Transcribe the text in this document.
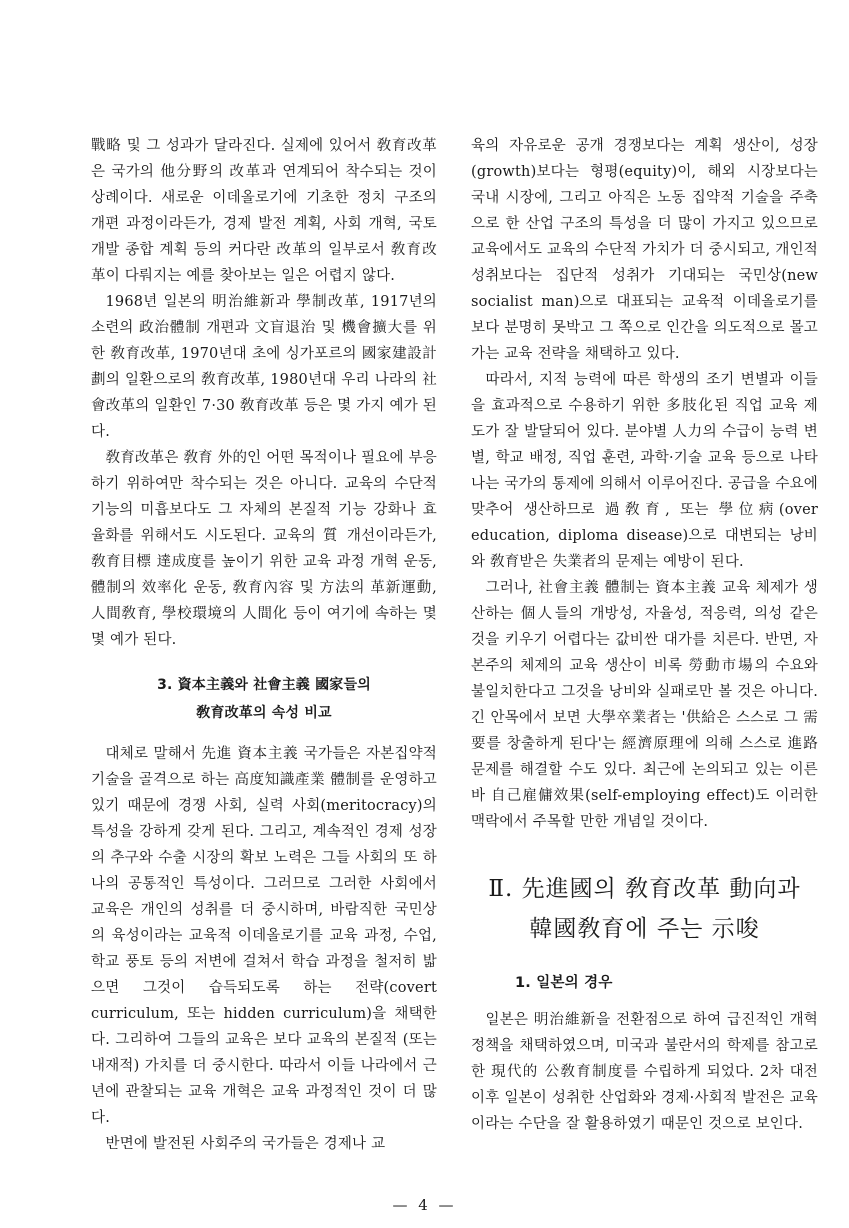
戰略 및 그 성과가 달라진다. 실제에 있어서 敎育改革은 국가의 他分野의 改革과 연계되어 착수되는 것이 상례이다. 새로운 이데올로기에 기초한 정치 구조의 개편 과정이라든가, 경제 발전 계획, 사회 개혁, 국토 개발 종합 계획 등의 커다란 改革의 일부로서 敎育改革이 다뤄지는 예를 찾아보는 일은 어렵지 않다.

1968년 일본의 明治維新과 學制改革, 1917년의 소련의 政治體制 개편과 文盲退治 및 機會擴大를 위한 敎育改革, 1970년대 초에 싱가포르의 國家建設計劃의 일환으로의 敎育改革, 1980년대 우리 나라의 社會改革의 일환인 7·30 敎育改革 등은 몇 가지 예가 된다.

敎育改革은 敎育 外的인 어떤 목적이나 필요에 부응하기 위하여만 착수되는 것은 아니다. 교육의 수단적 기능의 미흡보다도 그 자체의 본질적 기능 강화나 효율화를 위해서도 시도된다. 교육의 質 개선이라든가, 敎育目標 達成度를 높이기 위한 교육 과정 개혁 운동, 體制의 效率化 운동, 敎育內容 및 方法의 革新運動, 人間敎育, 學校環境의 人間化 등이 여기에 속하는 몇몇 예가 된다.

3. 資本主義와 社會主義 國家들의
敎育改革의 속성 비교

대체로 말해서 先進 資本主義 국가들은 자본집약적 기술을 골격으로 하는 高度知識產業 體制를 운영하고 있기 때문에 경쟁 사회, 실력 사회(meritocracy)의 특성을 강하게 갖게 된다. 그리고, 계속적인 경제 성장의 추구와 수출 시장의 확보 노력은 그들 사회의 또 하나의 공통적인 특성이다. 그러므로 그러한 사회에서 교육은 개인의 성취를 더 중시하며, 바람직한 국민상의 육성이라는 교육적 이데올로기를 교육 과정, 수업, 학교 풍토 등의 저변에 걸쳐서 학습 과정을 철저히 밟으면 그것이 습득되도록 하는 전략(covert curriculum, 또는 hidden curriculum)을 채택한다. 그리하여 그들의 교육은 보다 교육의 본질적 (또는 내재적) 가치를 더 중시한다. 따라서 이들 나라에서 근년에 관찰되는 교육 개혁은 교육 과정적인 것이 더 많다.

반면에 발전된 사회주의 국가들은 경제나 교

육의 자유로운 공개 경쟁보다는 계획 생산이, 성장(growth)보다는 형평(equity)이, 해외 시장보다는 국내 시장에, 그리고 아직은 노동 집약적 기술을 주축으로 한 산업 구조의 특성을 더 많이 가지고 있으므로 교육에서도 교육의 수단적 가치가 더 중시되고, 개인적 성취보다는 집단적 성취가 기대되는 국민상(new socialist man)으로 대표되는 교육적 이데올로기를 보다 분명히 못박고 그 쪽으로 인간을 의도적으로 몰고가는 교육 전략을 채택하고 있다.

따라서, 지적 능력에 따른 학생의 조기 변별과 이들을 효과적으로 수용하기 위한 多肢化된 직업 교육 제도가 잘 발달되어 있다. 분야별 人力의 수급이 능력 변별, 학교 배정, 직업 훈련, 과학·기술 교육 등으로 나타나는 국가의 통제에 의해서 이루어진다. 공급을 수요에 맞추어 생산하므로 過敎育, 또는 學位病(over education, diploma disease)으로 대변되는 낭비와 敎育받은 失業者의 문제는 예방이 된다.

그러나, 社會主義 體制는 資本主義 교육 체제가 생산하는 個人들의 개방성, 자율성, 적응력, 의성 같은 것을 키우기 어렵다는 값비싼 대가를 치른다. 반면, 자본주의 체제의 교육 생산이 비록 勞動市場의 수요와 불일치한다고 그것을 낭비와 실패로만 볼 것은 아니다. 긴 안목에서 보면 大學卒業者는 '供給은 스스로 그 需要를 창출하게 된다'는 經濟原理에 의해 스스로 進路 문제를 해결할 수도 있다. 최근에 논의되고 있는 이른바 自己雇傭效果(self-employing effect)도 이러한 맥락에서 주목할 만한 개념일 것이다.

Ⅱ. 先進國의 敎育改革 動向과
韓國敎育에 주는 示唆
1. 일본의 경우

일본은 明治維新을 전환점으로 하여 급진적인 개혁 정책을 채택하였으며, 미국과 불란서의 학제를 참고로 한 現代的 公敎育制度를 수립하게 되었다. 2차 대전 이후 일본이 성취한 산업화와 경제·사회적 발전은 교육이라는 수단을 잘 활용하였기 때문인 것으로 보인다.

— 4 —
